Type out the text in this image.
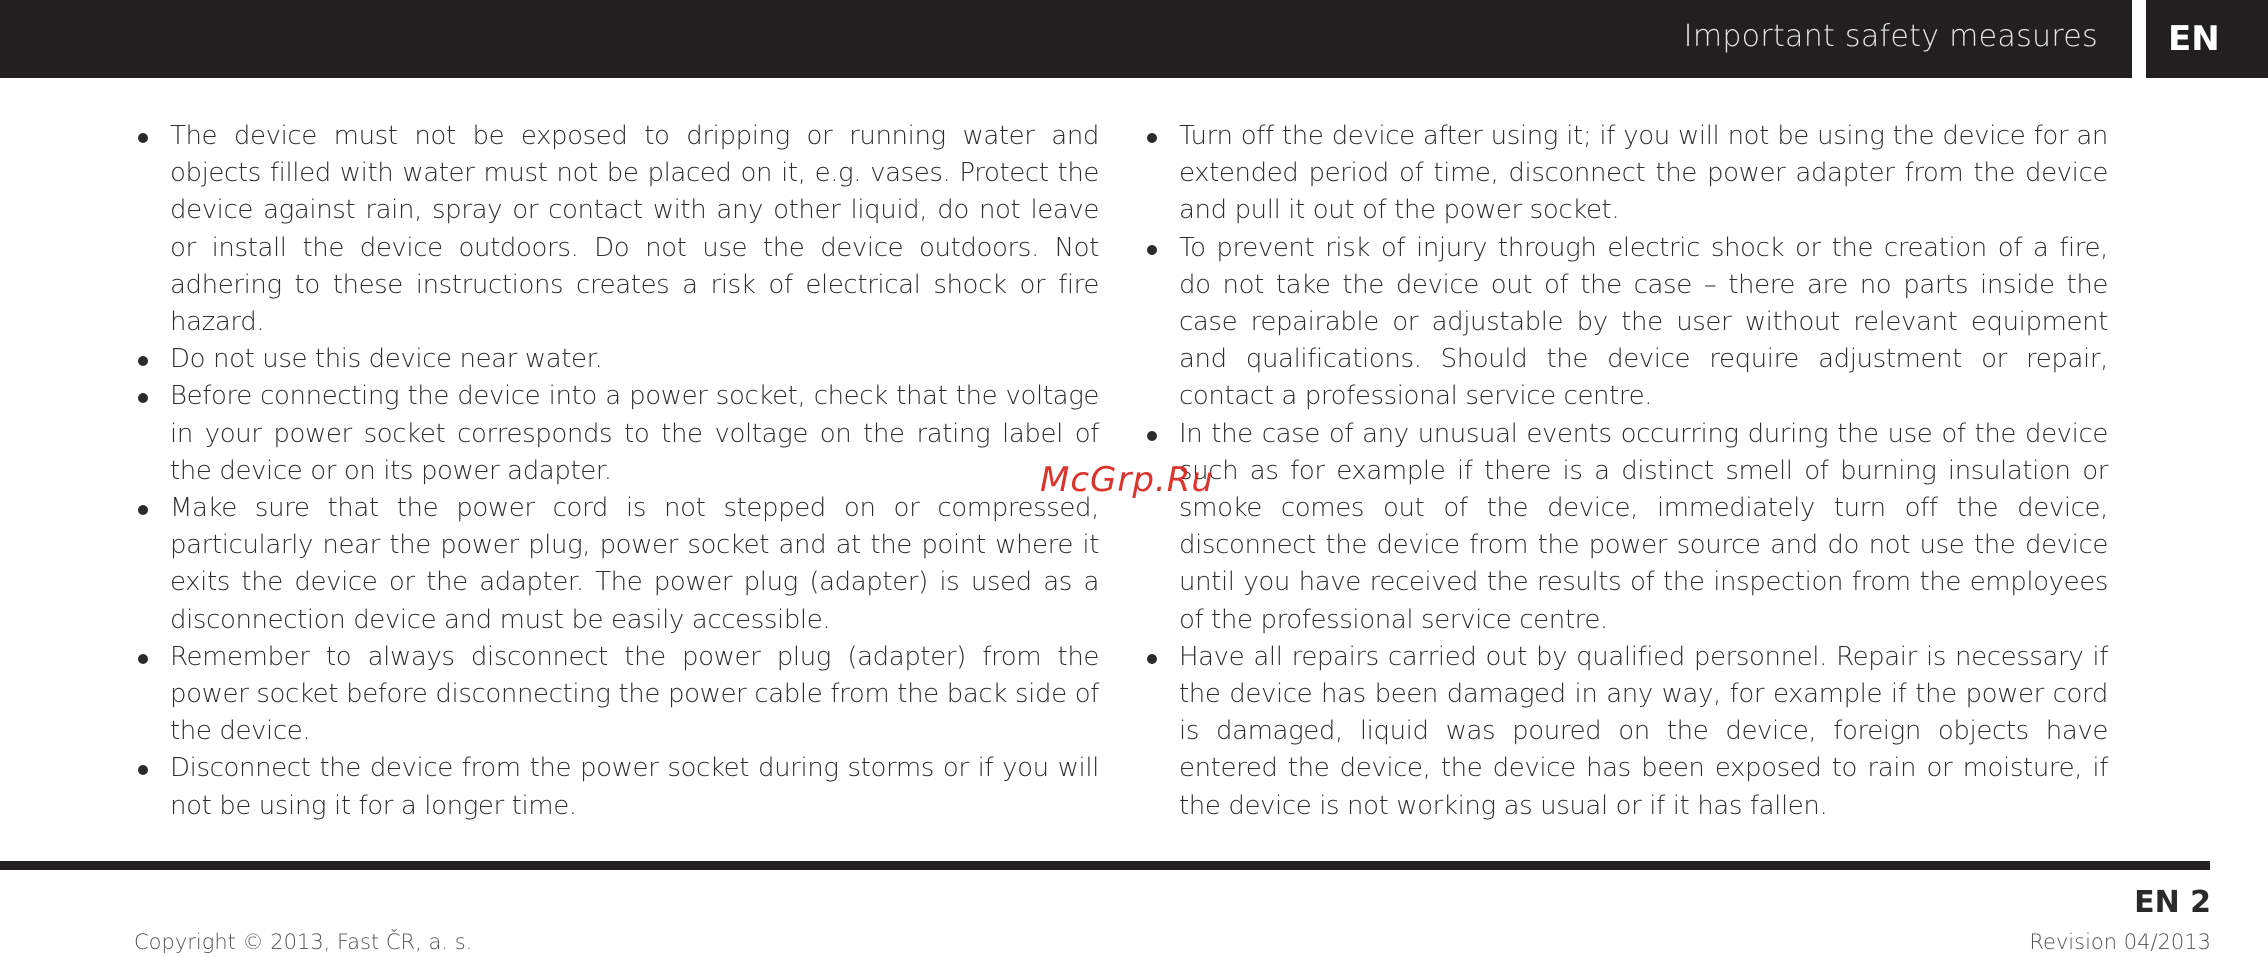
Important safety measures	EN
The device must not be exposed to dripping or running water and objects filled with water must not be placed on it, e.g. vases. Protect the device against rain, spray or contact with any other liquid, do not leave or install the device outdoors. Do not use the device outdoors. Not adhering to these instructions creates a risk of electrical shock or fire hazard.
Do not use this device near water.
Before connecting the device into a power socket, check that the voltage in your power socket corresponds to the voltage on the rating label of the device or on its power adapter.
Make sure that the power cord is not stepped on or compressed, particularly near the power plug, power socket and at the point where it exits the device or the adapter. The power plug (adapter) is used as a disconnection device and must be easily accessible.
Remember to always disconnect the power plug (adapter) from the power socket before disconnecting the power cable from the back side of the device.
Disconnect the device from the power socket during storms or if you will not be using it for a longer time.
Turn off the device after using it; if you will not be using the device for an extended period of time, disconnect the power adapter from the device and pull it out of the power socket.
To prevent risk of injury through electric shock or the creation of a fire, do not take the device out of the case – there are no parts inside the case repairable or adjustable by the user without relevant equipment and qualifications. Should the device require adjustment or repair, contact a professional service centre.
In the case of any unusual events occurring during the use of the device such as for example if there is a distinct smell of burning insulation or smoke comes out of the device, immediately turn off the device, disconnect the device from the power source and do not use the device until you have received the results of the inspection from the employees of the professional service centre.
Have all repairs carried out by qualified personnel. Repair is necessary if the device has been damaged in any way, for example if the power cord is damaged, liquid was poured on the device, foreign objects have entered the device, the device has been exposed to rain or moisture, if the device is not working as usual or if it has fallen.
McGrp.Ru
EN 2
Copyright © 2013, Fast ČR, a. s.	Revision 04/2013
